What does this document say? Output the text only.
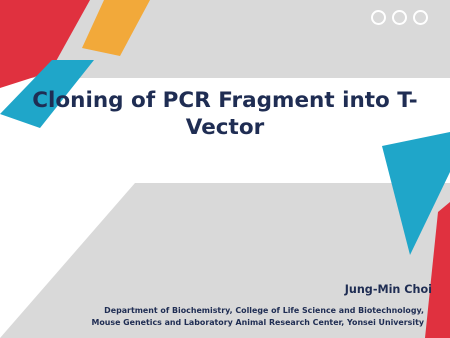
Cloning of PCR Fragment into T-Vector

Jung-Min Choi

Department of Biochemistry, College of Life Science and Biotechnology,
Mouse Genetics and Laboratory Animal Research Center, Yonsei University
